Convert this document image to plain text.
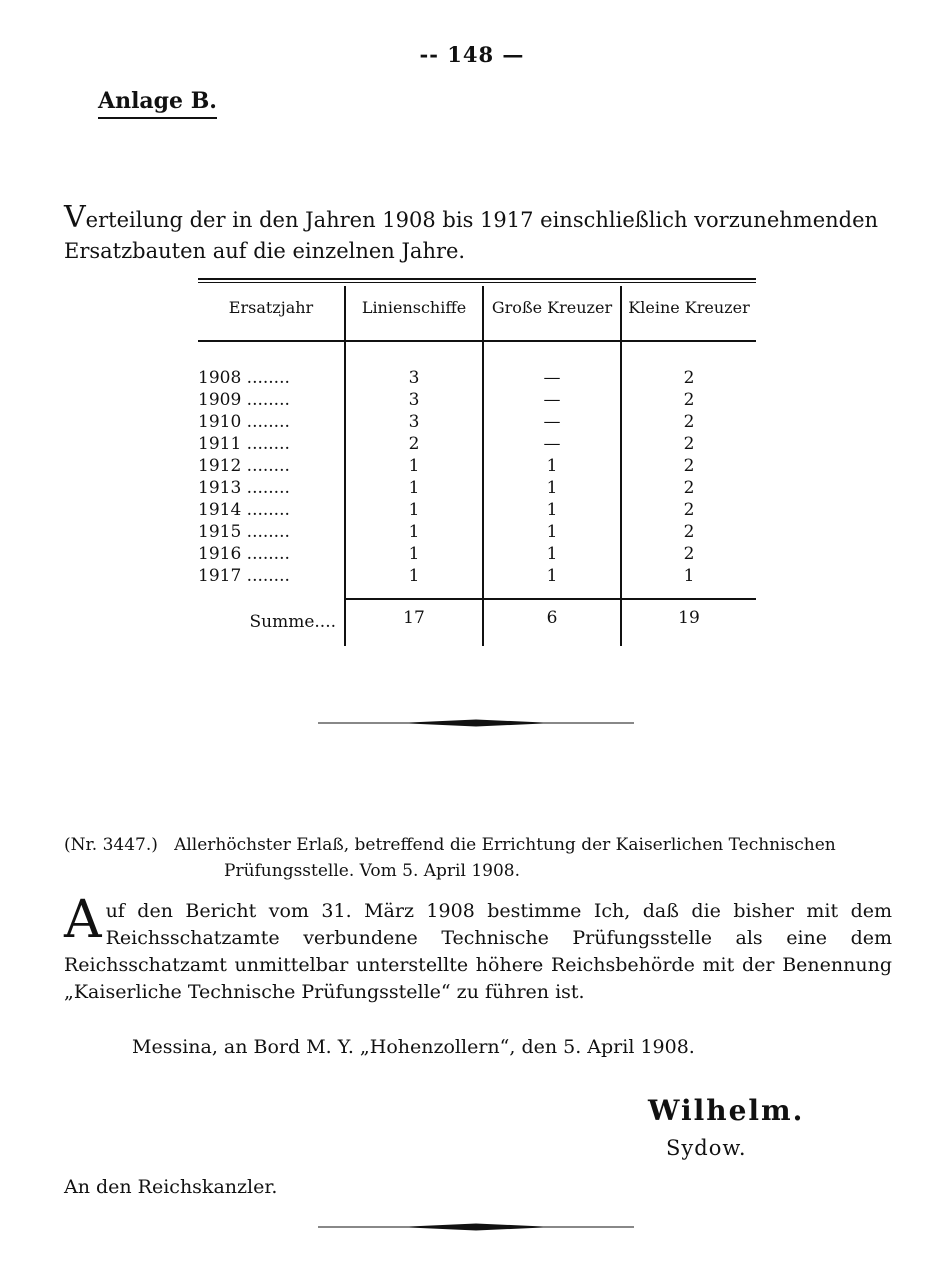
-- 148 —
Anlage B.
Verteilung der in den Jahren 1908 bis 1917 einschließlich vorzunehmenden Ersatzbauten auf die einzelnen Jahre.
Ersatzjahr	Linienschiffe	Große Kreuzer	Kleine Kreuzer
1908 ........	3	—	2
1909 ........	3	—	2
1910 ........	3	—	2
1911 ........	2	—	2
1912 ........	1	1	2
1913 ........	1	1	2
1914 ........	1	1	2
1915 ........	1	1	2
1916 ........	1	1	2
1917 ........	1	1	1
Summe....	17	6	19
(Nr. 3447.) Allerhöchster Erlaß, betreffend die Errichtung der Kaiserlichen Technischen
Prüfungsstelle. Vom 5. April 1908.
Auf den Bericht vom 31. März 1908 bestimme Ich, daß die bisher mit dem Reichsschatzamte verbundene Technische Prüfungsstelle als eine dem Reichsschatzamt unmittelbar unterstellte höhere Reichsbehörde mit der Benennung „Kaiserliche Technische Prüfungsstelle“ zu führen ist.
Messina, an Bord M. Y. „Hohenzollern“, den 5. April 1908.
Wilhelm.
Sydow.
An den Reichskanzler.
